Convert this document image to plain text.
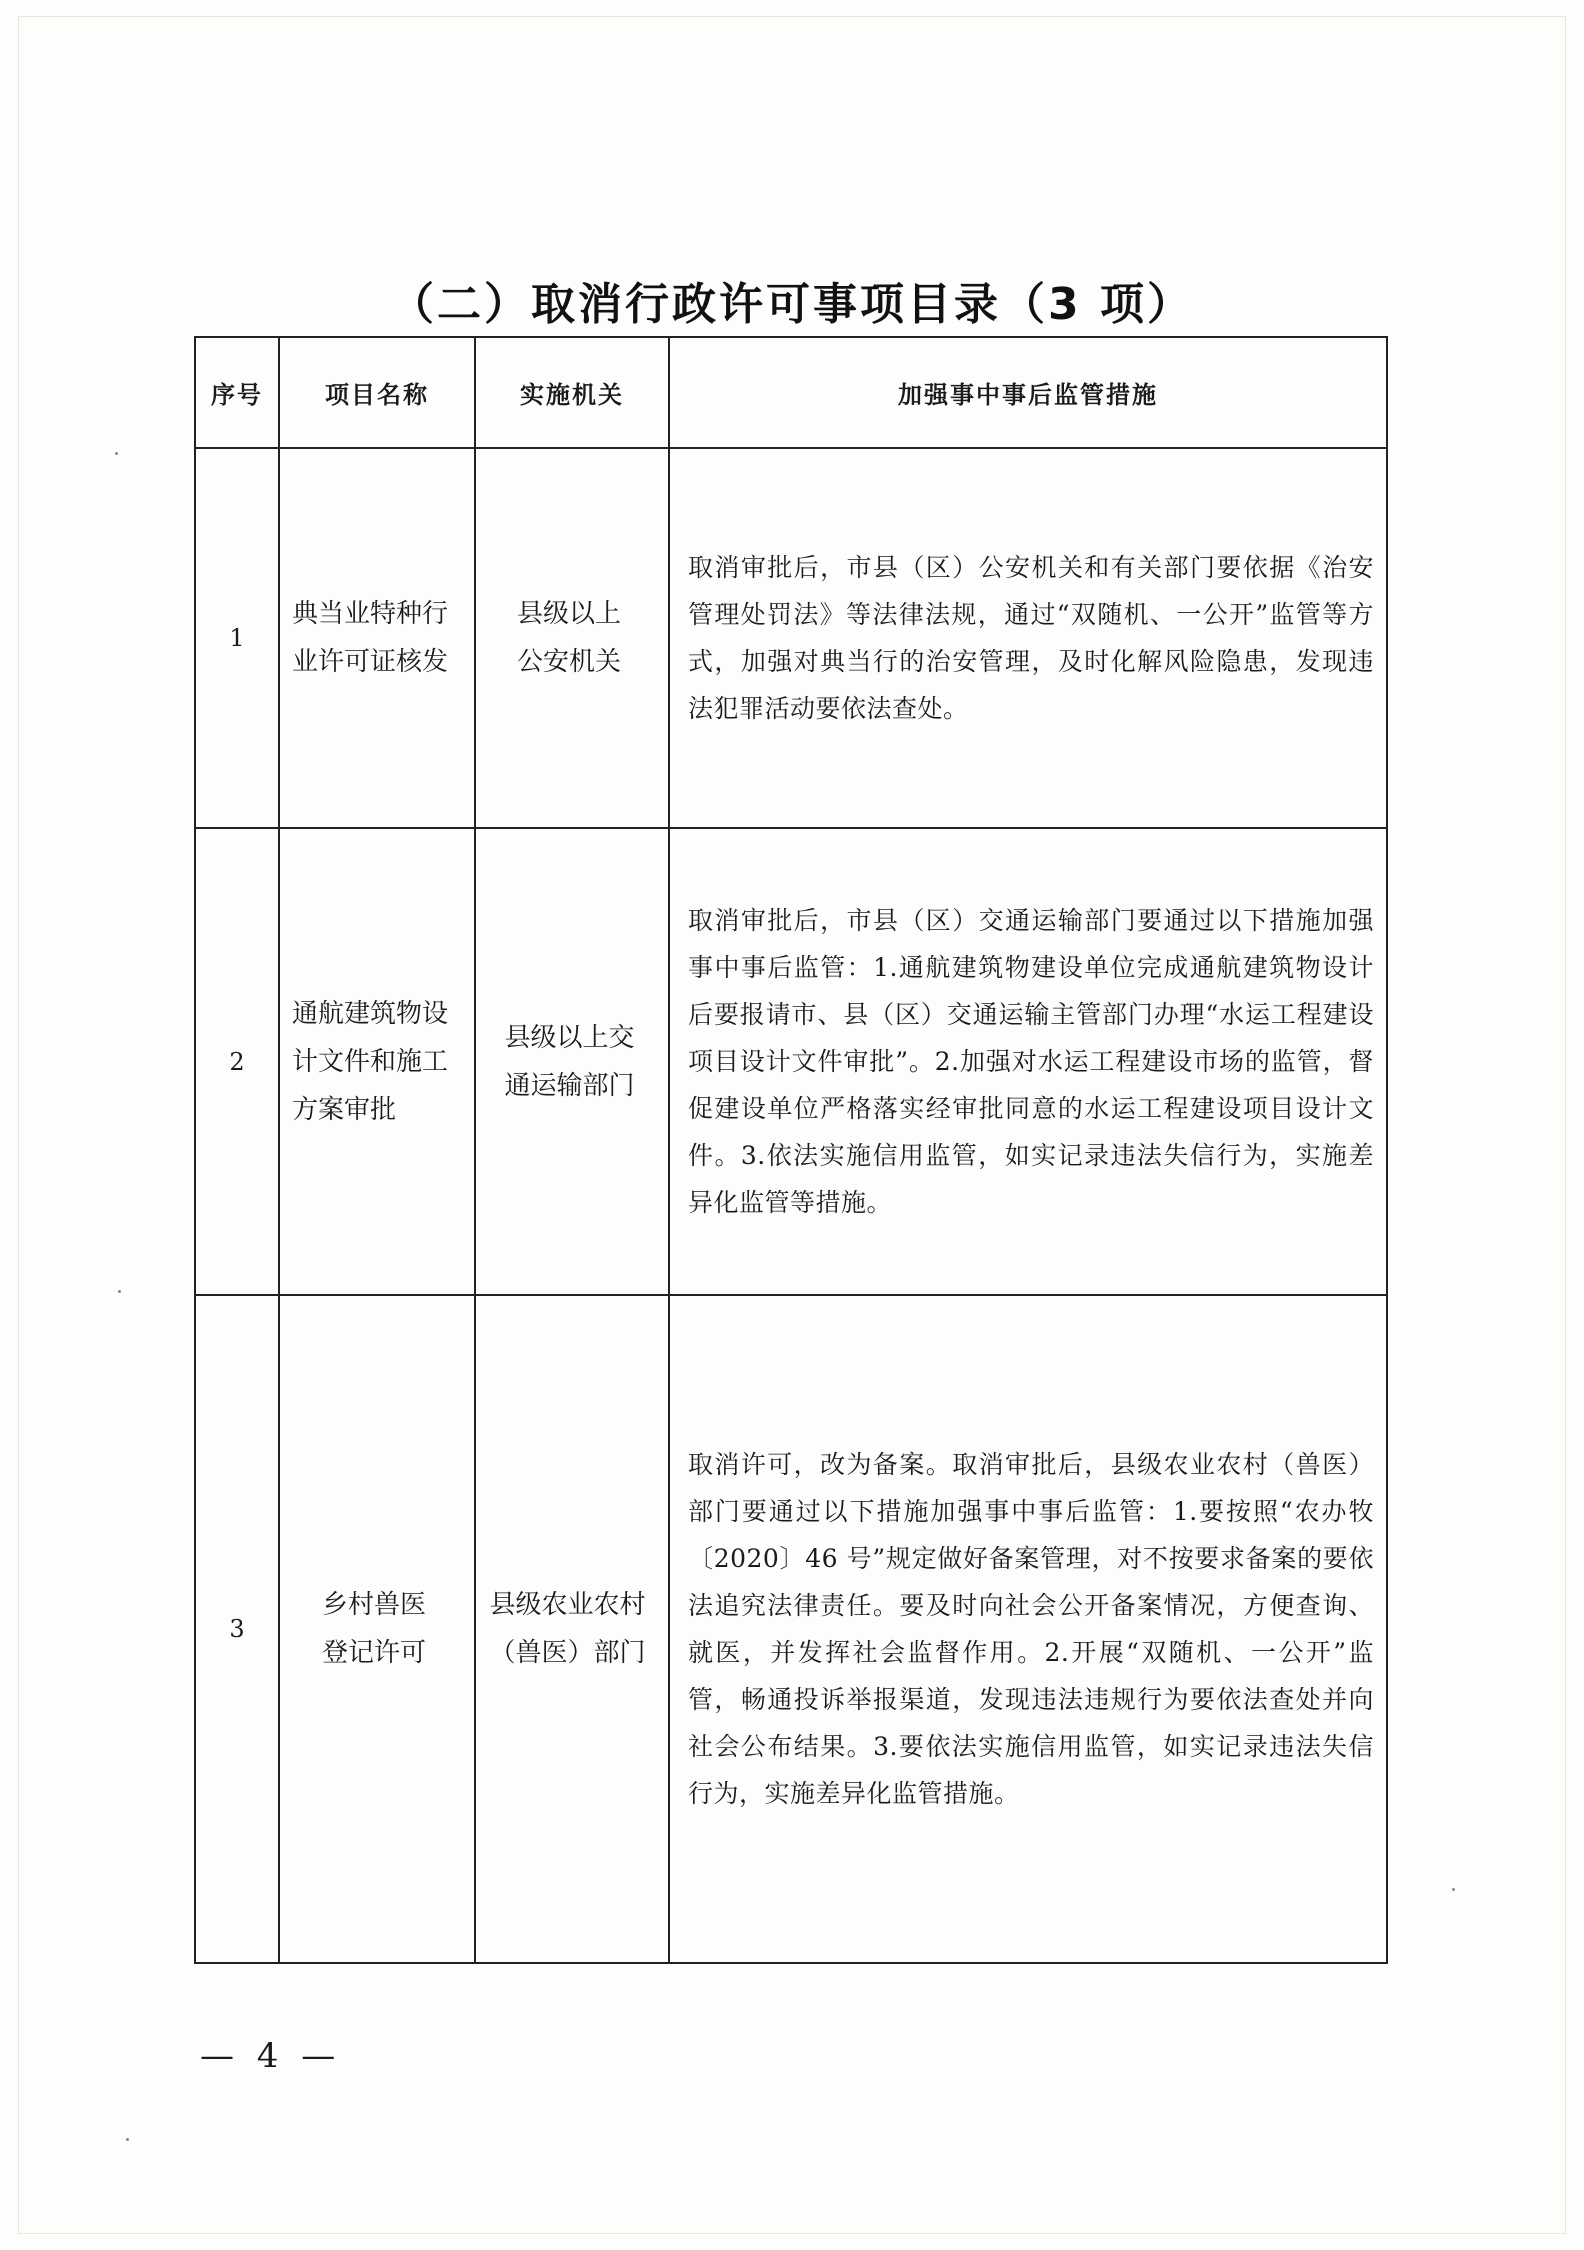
（二）取消行政许可事项目录（3 项）
序号	项目名称	实施机关	加强事中事后监管措施
1	典当业特种行业许可证核发	县级以上公安机关	取消审批后，市县（区）公安机关和有关部门要依据《治安管理处罚法》等法律法规，通过“双随机、一公开”监管等方式，加强对典当行的治安管理，及时化解风险隐患，发现违法犯罪活动要依法查处。
2	通航建筑物设计文件和施工方案审批	县级以上交通运输部门	取消审批后，市县（区）交通运输部门要通过以下措施加强事中事后监管：1.通航建筑物建设单位完成通航建筑物设计后要报请市、县（区）交通运输主管部门办理“水运工程建设项目设计文件审批”。2.加强对水运工程建设市场的监管，督促建设单位严格落实经审批同意的水运工程建设项目设计文件。3.依法实施信用监管，如实记录违法失信行为，实施差异化监管等措施。
3	乡村兽医登记许可	县级农业农村（兽医）部门	取消许可，改为备案。取消审批后，县级农业农村（兽医）部门要通过以下措施加强事中事后监管：1.要按照“农办牧〔2020〕46 号”规定做好备案管理，对不按要求备案的要依法追究法律责任。要及时向社会公开备案情况，方便查询、就医，并发挥社会监督作用。2.开展“双随机、一公开”监管，畅通投诉举报渠道，发现违法违规行为要依法查处并向社会公布结果。3.要依法实施信用监管，如实记录违法失信行为，实施差异化监管措施。
— 4 —
